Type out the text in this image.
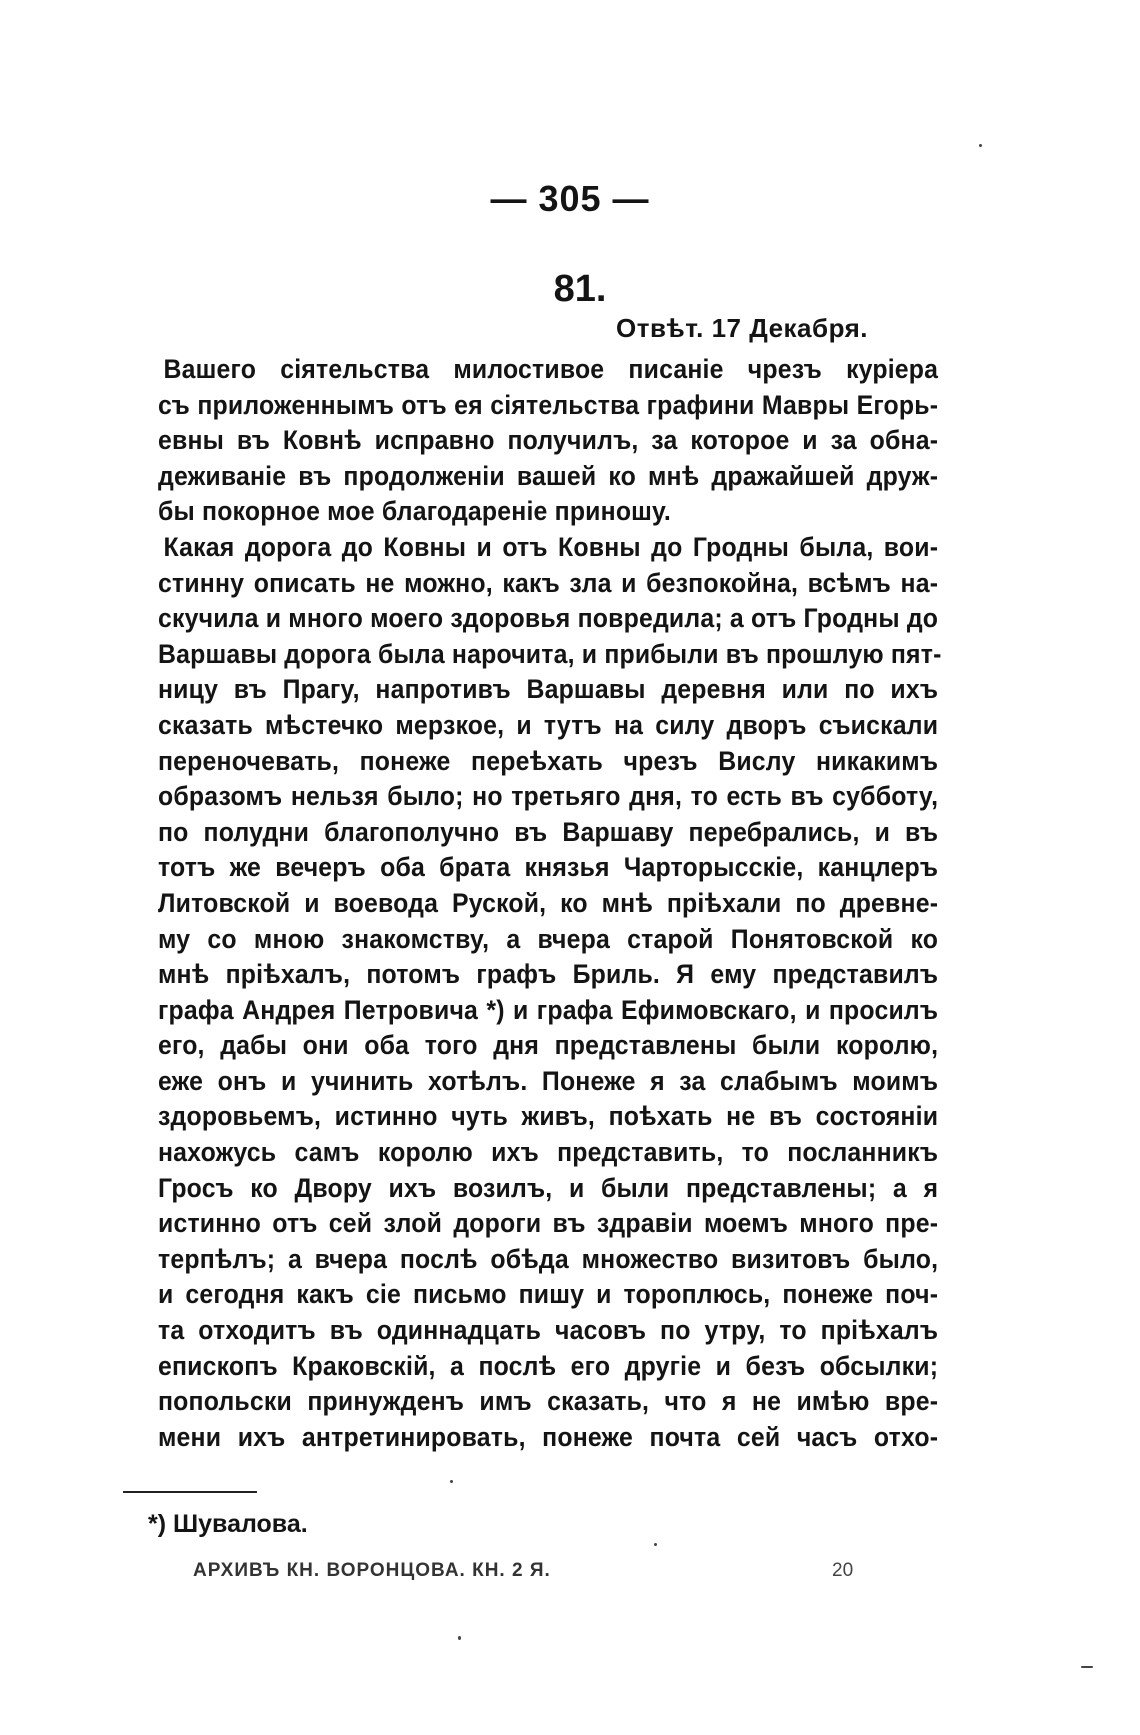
— 305 —
81.
Отвѣт. 17 Декабря.
Вашего сіятельства милостивое писаніе чрезъ куріера
съ приложеннымъ отъ ея сіятельства графини Мавры Егорь-
евны въ Ковнѣ исправно получилъ, за которое и за обна-
деживаніе въ продолженіи вашей ко мнѣ дражайшей друж-
бы покорное мое благодареніе приношу.
Какая дорога до Ковны и отъ Ковны до Гродны была, вои-
стинну описать не можно, какъ зла и безпокойна, всѣмъ на-
скучила и много моего здоровья повредила; а отъ Гродны до
Варшавы дорога была нарочита, и прибыли въ прошлую пят-
ницу въ Прагу, напротивъ Варшавы деревня или по ихъ
сказать мѣстечко мерзкое, и тутъ на силу дворъ съискали
переночевать, понеже переѣхать чрезъ Вислу никакимъ
образомъ нельзя было; но третьяго дня, то есть въ субботу,
по полудни благополучно въ Варшаву перебрались, и въ
тотъ же вечеръ оба брата князья Чарторысскіе, канцлеръ
Литовской и воевода Руской, ко мнѣ пріѣхали по древне-
му со мною знакомству, а вчера старой Понятовской ко
мнѣ пріѣхалъ, потомъ графъ Бриль. Я ему представилъ
графа Андрея Петровича *) и графа Ефимовскаго, и просилъ
его, дабы они оба того дня представлены были королю,
еже онъ и учинить хотѣлъ. Понеже я за слабымъ моимъ
здоровьемъ, истинно чуть живъ, поѣхать не въ состояніи
нахожусь самъ королю ихъ представить, то посланникъ
Гросъ ко Двору ихъ возилъ, и были представлены; а я
истинно отъ сей злой дороги въ здравіи моемъ много пре-
терпѣлъ; а вчера послѣ обѣда множество визитовъ было,
и сегодня какъ сіе письмо пишу и тороплюсь, понеже поч-
та отходитъ въ одиннадцать часовъ по утру, то пріѣхалъ
епископъ Краковскій, а послѣ его другіе и безъ обсылки;
попольски принужденъ имъ сказать, что я не имѣю вре-
мени ихъ антретинировать, понеже почта сей часъ отхо-
*) Шувалова.
АРХИВЪ КН. ВОРОНЦОВА. КН. 2 Я.	20
